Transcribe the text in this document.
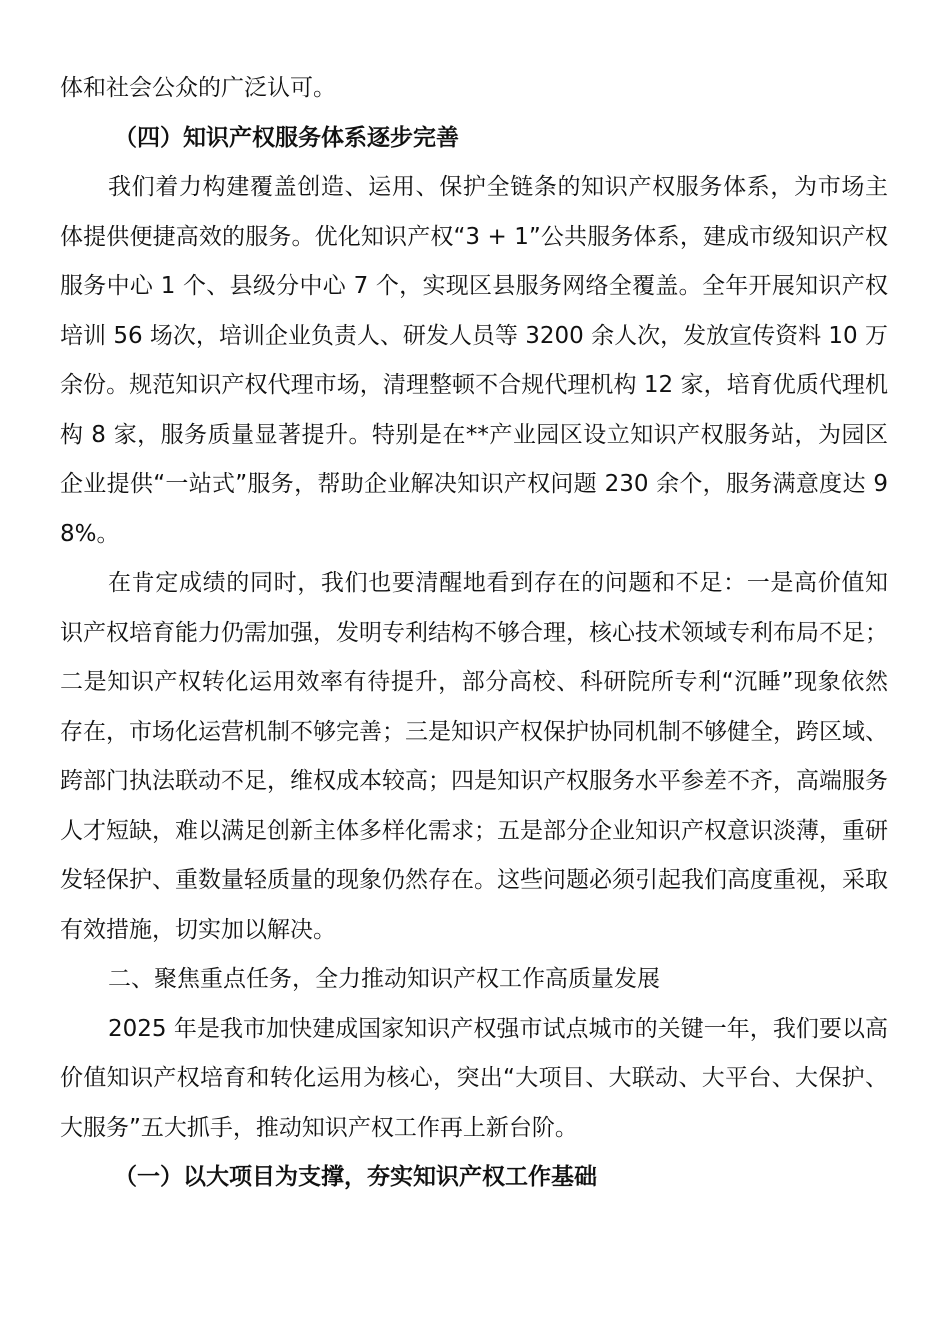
体和社会公众的广泛认可。

（四）知识产权服务体系逐步完善

我们着力构建覆盖创造、运用、保护全链条的知识产权服务体系，为市场主体提供便捷高效的服务。优化知识产权“3 + 1”公共服务体系，建成市级知识产权服务中心 1 个、县级分中心 7 个，实现区县服务网络全覆盖。全年开展知识产权培训 56 场次，培训企业负责人、研发人员等 3200 余人次，发放宣传资料 10 万余份。规范知识产权代理市场，清理整顿不合规代理机构 12 家，培育优质代理机构 8 家，服务质量显著提升。特别是在**产业园区设立知识产权服务站，为园区企业提供“一站式”服务，帮助企业解决知识产权问题 230 余个，服务满意度达 98%。

在肯定成绩的同时，我们也要清醒地看到存在的问题和不足：一是高价值知识产权培育能力仍需加强，发明专利结构不够合理，核心技术领域专利布局不足；二是知识产权转化运用效率有待提升，部分高校、科研院所专利“沉睡”现象依然存在，市场化运营机制不够完善；三是知识产权保护协同机制不够健全，跨区域、跨部门执法联动不足，维权成本较高；四是知识产权服务水平参差不齐，高端服务人才短缺，难以满足创新主体多样化需求；五是部分企业知识产权意识淡薄，重研发轻保护、重数量轻质量的现象仍然存在。这些问题必须引起我们高度重视，采取有效措施，切实加以解决。

二、聚焦重点任务，全力推动知识产权工作高质量发展

2025 年是我市加快建成国家知识产权强市试点城市的关键一年，我们要以高价值知识产权培育和转化运用为核心，突出“大项目、大联动、大平台、大保护、大服务”五大抓手，推动知识产权工作再上新台阶。

（一）以大项目为支撑，夯实知识产权工作基础
